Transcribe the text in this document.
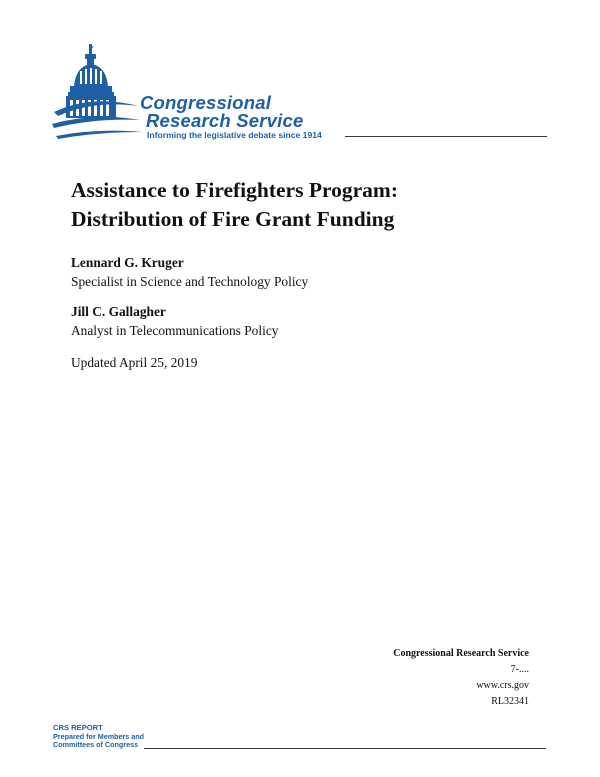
Congressional
Research Service
Informing the legislative debate since 1914
Assistance to Firefighters Program:
Distribution of Fire Grant Funding

Lennard G. Kruger

Specialist in Science and Technology Policy

Jill C. Gallagher

Analyst in Telecommunications Policy

Updated April 25, 2019

Congressional Research Service
7-....
www.crs.gov
RL32341
CRS REPORT
Prepared for Members and
Committees of Congress
